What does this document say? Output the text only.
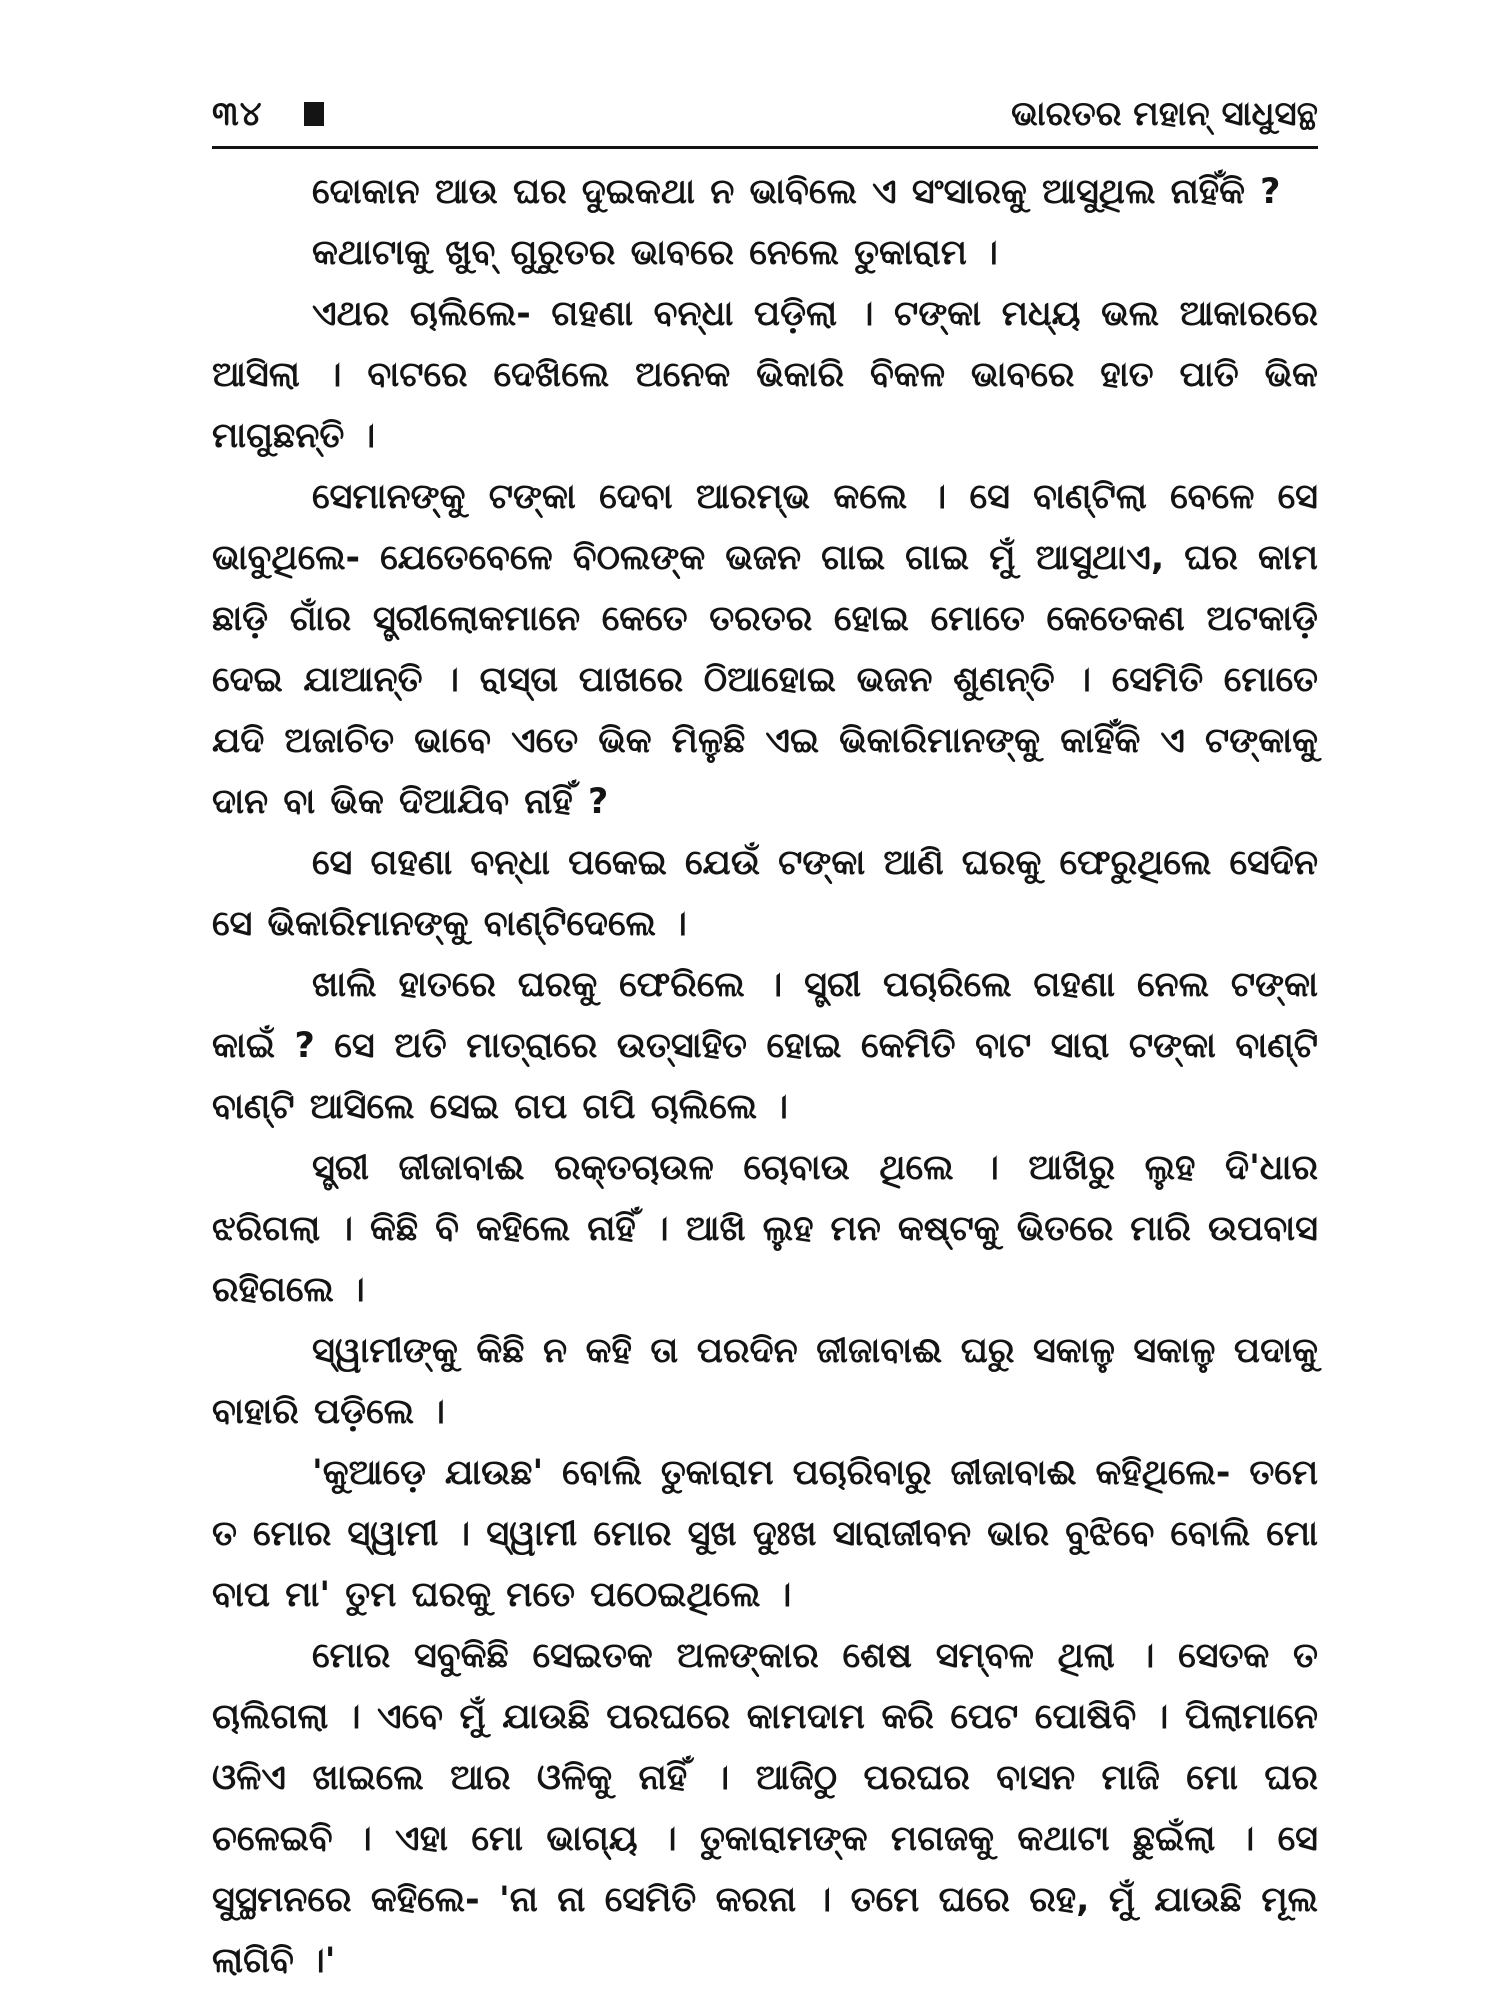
୩୪	ଭାରତର ମହାନ୍ ସାଧୁସନ୍ଥ

ଦୋକାନ ଆଉ ଘର ଦୁଇକଥା ନ ଭାବିଲେ ଏ ସଂସାରକୁ ଆସୁଥିଲ ନାହିଁକି ?

କଥାଟାକୁ ଖୁବ୍ ଗୁରୁତର ଭାବରେ ନେଲେ ତୁକାରାମ ।

ଏଥର ଚାଲିଲେ- ଗହଣା ବନ୍ଧା ପଡ଼ିଲା । ଟଙ୍କା ମଧ୍ୟ ଭଲ ଆକାରରେ ଆସିଲା । ବାଟରେ ଦେଖିଲେ ଅନେକ ଭିକାରି ବିକଳ ଭାବରେ ହାତ ପାତି ଭିକ ମାଗୁଛନ୍ତି ।

ସେମାନଙ୍କୁ ଟଙ୍କା ଦେବା ଆରମ୍ଭ କଲେ । ସେ ବାଣ୍ଟିଲା ବେଳେ ସେ ଭାବୁଥିଲେ- ଯେତେବେଳେ ବିଠଲଙ୍କ ଭଜନ ଗାଇ ଗାଇ ମୁଁ ଆସୁଥାଏ, ଘର କାମ ଛାଡ଼ି ଗାଁର ସ୍ତ୍ରୀଲୋକମାନେ କେତେ ତରତର ହୋଇ ମୋତେ କେତେକଣ ଅଟକାଡ଼ି ଦେଇ ଯାଆନ୍ତି । ରାସ୍ତା ପାଖରେ ଠିଆହୋଇ ଭଜନ ଶୁଣନ୍ତି । ସେମିତି ମୋତେ ଯଦି ଅଜାଚିତ ଭାବେ ଏତେ ଭିକ ମିଳୁଛି ଏଇ ଭିକାରିମାନଙ୍କୁ କାହିଁକି ଏ ଟଙ୍କାକୁ ଦାନ ବା ଭିକ ଦିଆଯିବ ନାହିଁ ?

ସେ ଗହଣା ବନ୍ଧା ପକେଇ ଯେଉଁ ଟଙ୍କା ଆଣି ଘରକୁ ଫେରୁଥିଲେ ସେଦିନ ସେ ଭିକାରିମାନଙ୍କୁ ବାଣ୍ଟିଦେଲେ ।

ଖାଲି ହାତରେ ଘରକୁ ଫେରିଲେ । ସ୍ତ୍ରୀ ପଚାରିଲେ ଗହଣା ନେଲ ଟଙ୍କା କାଇଁ ? ସେ ଅତି ମାତ୍ରାରେ ଉତ୍ସାହିତ ହୋଇ କେମିତି ବାଟ ସାରା ଟଙ୍କା ବାଣ୍ଟି ବାଣ୍ଟି ଆସିଲେ ସେଇ ଗପ ଗପି ଚାଲିଲେ ।

ସ୍ତ୍ରୀ ଜୀଜାବାଈ ରକ୍ତଚାଉଳ ଚୋବାଉ ଥିଲେ । ଆଖିରୁ ଲୁହ ଦି'ଧାର ଝରିଗଲା । କିଛି ବି କହିଲେ ନାହିଁ । ଆଖି ଲୁହ ମନ କଷ୍ଟକୁ ଭିତରେ ମାରି ଉପବାସ ରହିଗଲେ ।

ସ୍ୱାମୀଙ୍କୁ କିଛି ନ କହି ତା ପରଦିନ ଜୀଜାବାଈ ଘରୁ ସକାଳୁ ସକାଳୁ ପଦାକୁ ବାହାରି ପଡ଼ିଲେ ।

'କୁଆଡ଼େ ଯାଉଛ' ବୋଲି ତୁକାରାମ ପଚାରିବାରୁ ଜୀଜାବାଈ କହିଥିଲେ- ତମେ ତ ମୋର ସ୍ୱାମୀ । ସ୍ୱାମୀ ମୋର ସୁଖ ଦୁଃଖ ସାରାଜୀବନ ଭାର ବୁଝିବେ ବୋଲି ମୋ ବାପ ମା' ତୁମ ଘରକୁ ମତେ ପଠେଇଥିଲେ ।

ମୋର ସବୁକିଛି ସେଇତକ ଅଳଙ୍କାର ଶେଷ ସମ୍ବଳ ଥିଲା । ସେତକ ତ ଚାଲିଗଲା । ଏବେ ମୁଁ ଯାଉଛି ପରଘରେ କାମଦାମ କରି ପେଟ ପୋଷିବି । ପିଲାମାନେ ଓଳିଏ ଖାଇଲେ ଆର ଓଳିକୁ ନାହିଁ । ଆଜିଠୁ ପରଘର ବାସନ ମାଜି ମୋ ଘର ଚଳେଇବି । ଏହା ମୋ ଭାଗ୍ୟ । ତୁକାରାମଙ୍କ ମଗଜକୁ କଥାଟା ଛୁଇଁଲା । ସେ ସୁସ୍ଥମନରେ କହିଲେ- 'ନା ନା ସେମିତି କରନା । ତମେ ଘରେ ରହ, ମୁଁ ଯାଉଛି ମୂଲ ଲାଗିବି ।'
